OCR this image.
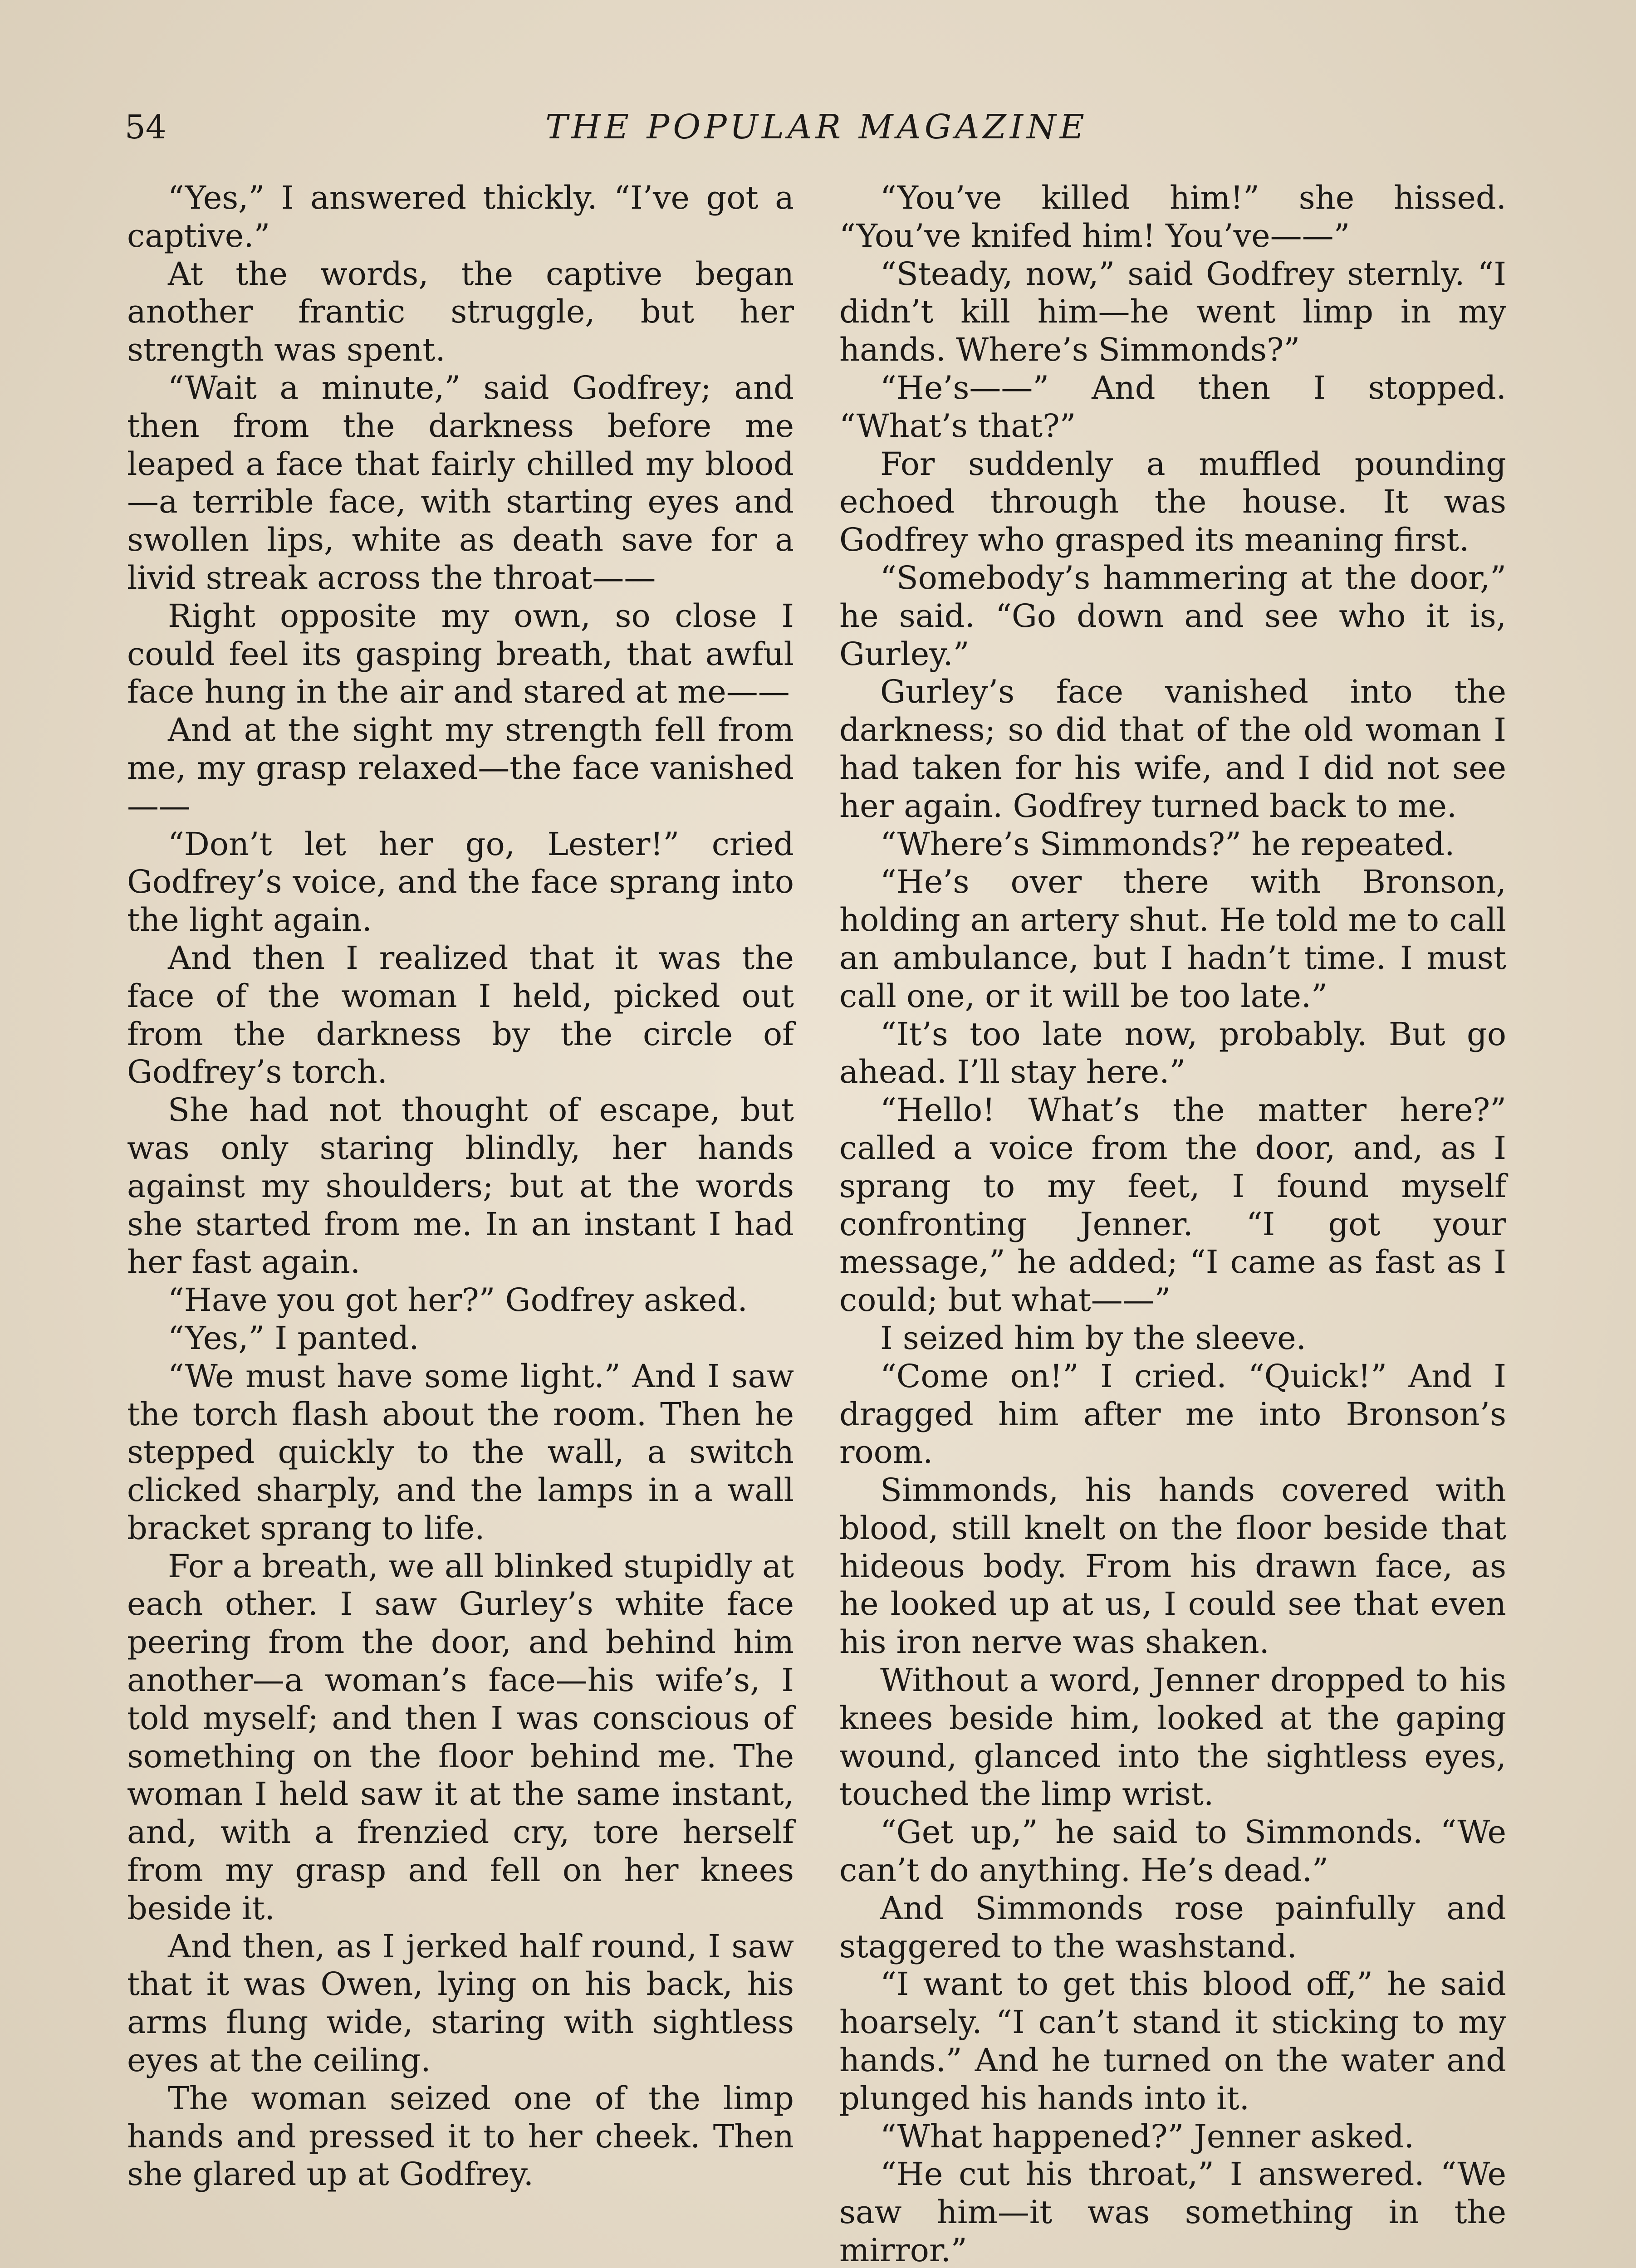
54	THE POPULAR MAGAZINE

“Yes,” I answered thickly. “I’ve got a captive.”

At the words, the captive began another frantic struggle, but her strength was spent.

“Wait a minute,” said Godfrey; and then from the darkness before me leaped a face that fairly chilled my blood—a terrible face, with starting eyes and swollen lips, white as death save for a livid streak across the throat——

Right opposite my own, so close I could feel its gasping breath, that awful face hung in the air and stared at me——

And at the sight my strength fell from me, my grasp relaxed—the face vanished——

“Don’t let her go, Lester!” cried Godfrey’s voice, and the face sprang into the light again.

And then I realized that it was the face of the woman I held, picked out from the darkness by the circle of Godfrey’s torch.

She had not thought of escape, but was only staring blindly, her hands against my shoulders; but at the words she started from me. In an instant I had her fast again.

“Have you got her?” Godfrey asked.

“Yes,” I panted.

“We must have some light.” And I saw the torch flash about the room. Then he stepped quickly to the wall, a switch clicked sharply, and the lamps in a wall bracket sprang to life.

For a breath, we all blinked stupidly at each other. I saw Gurley’s white face peering from the door, and behind him another—a woman’s face—his wife’s, I told myself; and then I was conscious of something on the floor behind me. The woman I held saw it at the same instant, and, with a frenzied cry, tore herself from my grasp and fell on her knees beside it.

And then, as I jerked half round, I saw that it was Owen, lying on his back, his arms flung wide, staring with sightless eyes at the ceiling.

The woman seized one of the limp hands and pressed it to her cheek. Then she glared up at Godfrey.

“You’ve killed him!” she hissed. “You’ve knifed him! You’ve——”

“Steady, now,” said Godfrey sternly. “I didn’t kill him—he went limp in my hands. Where’s Simmonds?”

“He’s——” And then I stopped. “What’s that?”

For suddenly a muffled pounding echoed through the house. It was Godfrey who grasped its meaning first.

“Somebody’s hammering at the door,” he said. “Go down and see who it is, Gurley.”

Gurley’s face vanished into the darkness; so did that of the old woman I had taken for his wife, and I did not see her again. Godfrey turned back to me.

“Where’s Simmonds?” he repeated.

“He’s over there with Bronson, holding an artery shut. He told me to call an ambulance, but I hadn’t time. I must call one, or it will be too late.”

“It’s too late now, probably. But go ahead. I’ll stay here.”

“Hello! What’s the matter here?” called a voice from the door, and, as I sprang to my feet, I found myself confronting Jenner. “I got your message,” he added; “I came as fast as I could; but what——”

I seized him by the sleeve.

“Come on!” I cried. “Quick!” And I dragged him after me into Bronson’s room.

Simmonds, his hands covered with blood, still knelt on the floor beside that hideous body. From his drawn face, as he looked up at us, I could see that even his iron nerve was shaken.

Without a word, Jenner dropped to his knees beside him, looked at the gaping wound, glanced into the sightless eyes, touched the limp wrist.

“Get up,” he said to Simmonds. “We can’t do anything. He’s dead.”

And Simmonds rose painfully and staggered to the washstand.

“I want to get this blood off,” he said hoarsely. “I can’t stand it sticking to my hands.” And he turned on the water and plunged his hands into it.

“What happened?” Jenner asked.

“He cut his throat,” I answered. “We saw him—it was something in the mirror.”
